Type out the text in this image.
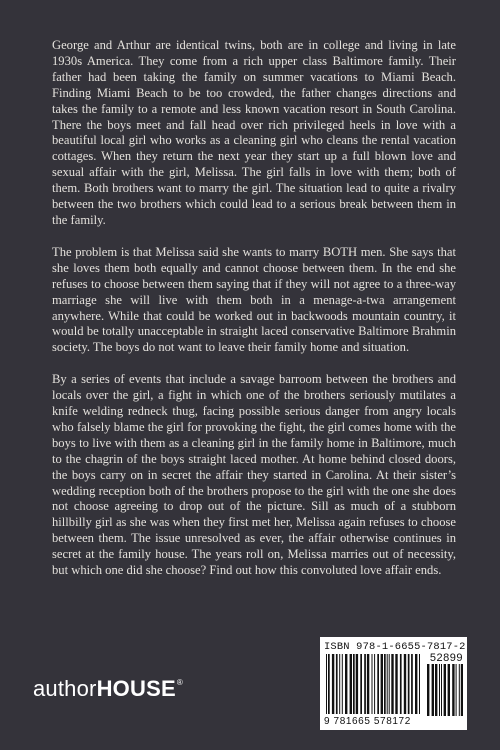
George and Arthur are identical twins, both are in college and living in late 1930s America. They come from a rich upper class Baltimore family. Their father had been taking the family on summer vacations to Miami Beach. Finding Miami Beach to be too crowded, the father changes directions and takes the family to a remote and less known vacation resort in South Carolina. There the boys meet and fall head over rich privileged heels in love with a beautiful local girl who works as a cleaning girl who cleans the rental vacation cottages. When they return the next year they start up a full blown love and sexual affair with the girl, Melissa. The girl falls in love with them; both of them. Both brothers want to marry the girl. The situation lead to quite a rivalry between the two brothers which could lead to a serious break between them in the family.

The problem is that Melissa said she wants to marry BOTH men. She says that she loves them both equally and cannot choose between them. In the end she refuses to choose between them saying that if they will not agree to a three-way marriage she will live with them both in a menage-a-twa arrangement anywhere. While that could be worked out in backwoods mountain country, it would be totally unacceptable in straight laced conservative Baltimore Brahmin society. The boys do not want to leave their family home and situation.

By a series of events that include a savage barroom between the brothers and locals over the girl, a fight in which one of the brothers seriously mutilates a knife welding redneck thug, facing possible serious danger from angry locals who falsely blame the girl for provoking the fight, the girl comes home with the boys to live with them as a cleaning girl in the family home in Baltimore, much to the chagrin of the boys straight laced mother. At home behind closed doors, the boys carry on in secret the affair they started in Carolina. At their sister’s wedding reception both of the brothers propose to the girl with the one she does not choose agreeing to drop out of the picture. Sill as much of a stubborn hillbilly girl as she was when they first met her, Melissa again refuses to choose between them. The issue unresolved as ever, the affair otherwise continues in secret at the family house. The years roll on, Melissa marries out of necessity, but which one did she choose? Find out how this convoluted love affair ends.

authorHOUSE®
ISBN 978-1-6655-7817-2
52899
9 781665 578172
